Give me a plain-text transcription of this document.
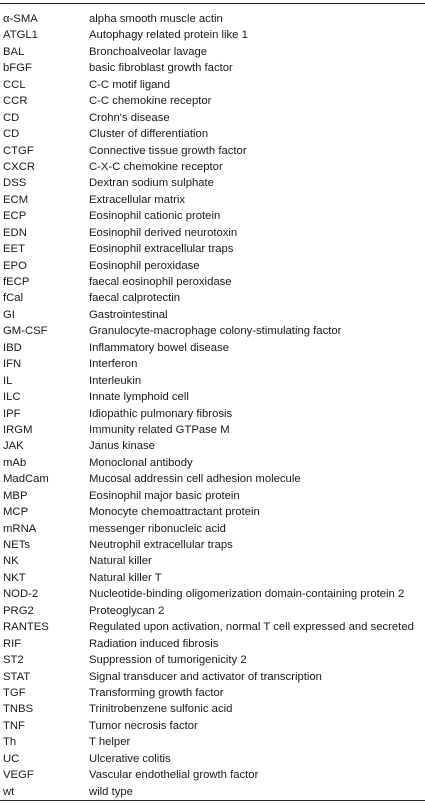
α-SMA	alpha smooth muscle actin
ATGL1	Autophagy related protein like 1
BAL	Bronchoalveolar lavage
bFGF	basic fibroblast growth factor
CCL	C-C motif ligand
CCR	C-C chemokine receptor
CD	Crohn's disease
CD	Cluster of differentiation
CTGF	Connective tissue growth factor
CXCR	C-X-C chemokine receptor
DSS	Dextran sodium sulphate
ECM	Extracellular matrix
ECP	Eosinophil cationic protein
EDN	Eosinophil derived neurotoxin
EET	Eosinophil extracellular traps
EPO	Eosinophil peroxidase
fECP	faecal eosinophil peroxidase
fCal	faecal calprotectin
GI	Gastrointestinal
GM-CSF	Granulocyte-macrophage colony-stimulating factor
IBD	Inflammatory bowel disease
IFN	Interferon
IL	Interleukin
ILC	Innate lymphoid cell
IPF	Idiopathic pulmonary fibrosis
IRGM	Immunity related GTPase M
JAK	Janus kinase
mAb	Monoclonal antibody
MadCam	Mucosal addressin cell adhesion molecule
MBP	Eosinophil major basic protein
MCP	Monocyte chemoattractant protein
mRNA	messenger ribonucleic acid
NETs	Neutrophil extracellular traps
NK	Natural killer
NKT	Natural killer T
NOD-2	Nucleotide-binding oligomerization domain-containing protein 2
PRG2	Proteoglycan 2
RANTES	Regulated upon activation, normal T cell expressed and secreted
RIF	Radiation induced fibrosis
ST2	Suppression of tumorigenicity 2
STAT	Signal transducer and activator of transcription
TGF	Transforming growth factor
TNBS	Trinitrobenzene sulfonic acid
TNF	Tumor necrosis factor
Th	T helper
UC	Ulcerative colitis
VEGF	Vascular endothelial growth factor
wt	wild type
